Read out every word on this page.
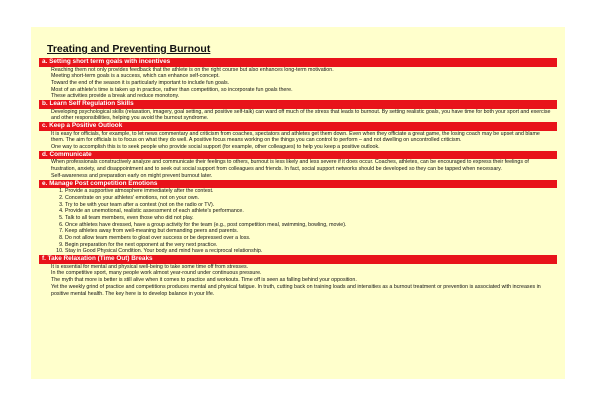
Treating and Preventing Burnout
a. Setting short term goals with incentives
Reaching them not only provides feedback that the athlete is on the right course but also enhances long-term motivation.
Meeting short-term goals is a success, which can enhance self-concept.
Toward the end of the season it is particularly important to include fun goals.
Most of an athlete's time is taken up in practice, rather than competition, so incorporate fun goals there.
These activities provide a break and reduce monotony.
b. Learn Self Regulation Skills
Developing psychological skills (relaxation, imagery, goal setting, and positive self-talk) can ward off much of the stress that leads to burnout. By setting realistic goals, you have time for both your sport and exercise and other responsibilities, helping you avoid the burnout syndrome.
c. Keep a Positive Outlook
It is easy for officials, for example, to let news commentary and criticism from coaches, spectators and athletes get them down. Even when they officiate a great game, the losing coach may be upset and blame them. The aim for officials is to focus on what they do well. A positive focus means working on the things you can control to perform – and not dwelling on uncontrolled criticism.
One way to accomplish this is to seek people who provide social support (for example, other colleagues) to help you keep a positive outlook.
d. Communicate
When professionals constructively analyze and communicate their feelings to others, burnout is less likely and less severe if it does occur. Coaches, athletes, can be encouraged to express their feelings of frustration, anxiety, and disappointment and to seek out social support from colleagues and friends. In fact, social support networks should be developed so they can be tapped when necessary.
Self-awareness and preparation early on might prevent burnout later.
e. Manage Post competition Emotions
1. Provide a supportive atmosphere immediately after the contest.
2. Concentrate on your athletes' emotions, not on your own.
3. Try to be with your team after a contest (not on the radio or TV).
4. Provide an unemotional, realistic assessment of each athlete's performance.
5. Talk to all team members, even those who did not play.
6. Once athletes have dressed, have a group activity for the team (e.g., post competition meal, swimming, bowling, movie).
7. Keep athletes away from well-meaning but demanding peers and parents.
8. Do not allow team members to gloat over success or be depressed over a loss.
9. Begin preparation for the next opponent at the very next practice.
10. Stay in Good Physical Condition. Your body and mind have a reciprocal relationship.
f. Take Relaxation (Time Out) Breaks
It is essential for mental and physical well-being to take some time off from stresses.
In the competitive sport, many people work almost year-round under continuous pressure.
The myth that more is better is still alive when it comes to practice and workouts. Time off is seen as falling behind your opposition.
Yet the weekly grind of practice and competitions produces mental and physical fatigue. In truth, cutting back on training loads and intensities as a burnout treatment or prevention is associated with increases in positive mental health. The key here is to develop balance in your life.
